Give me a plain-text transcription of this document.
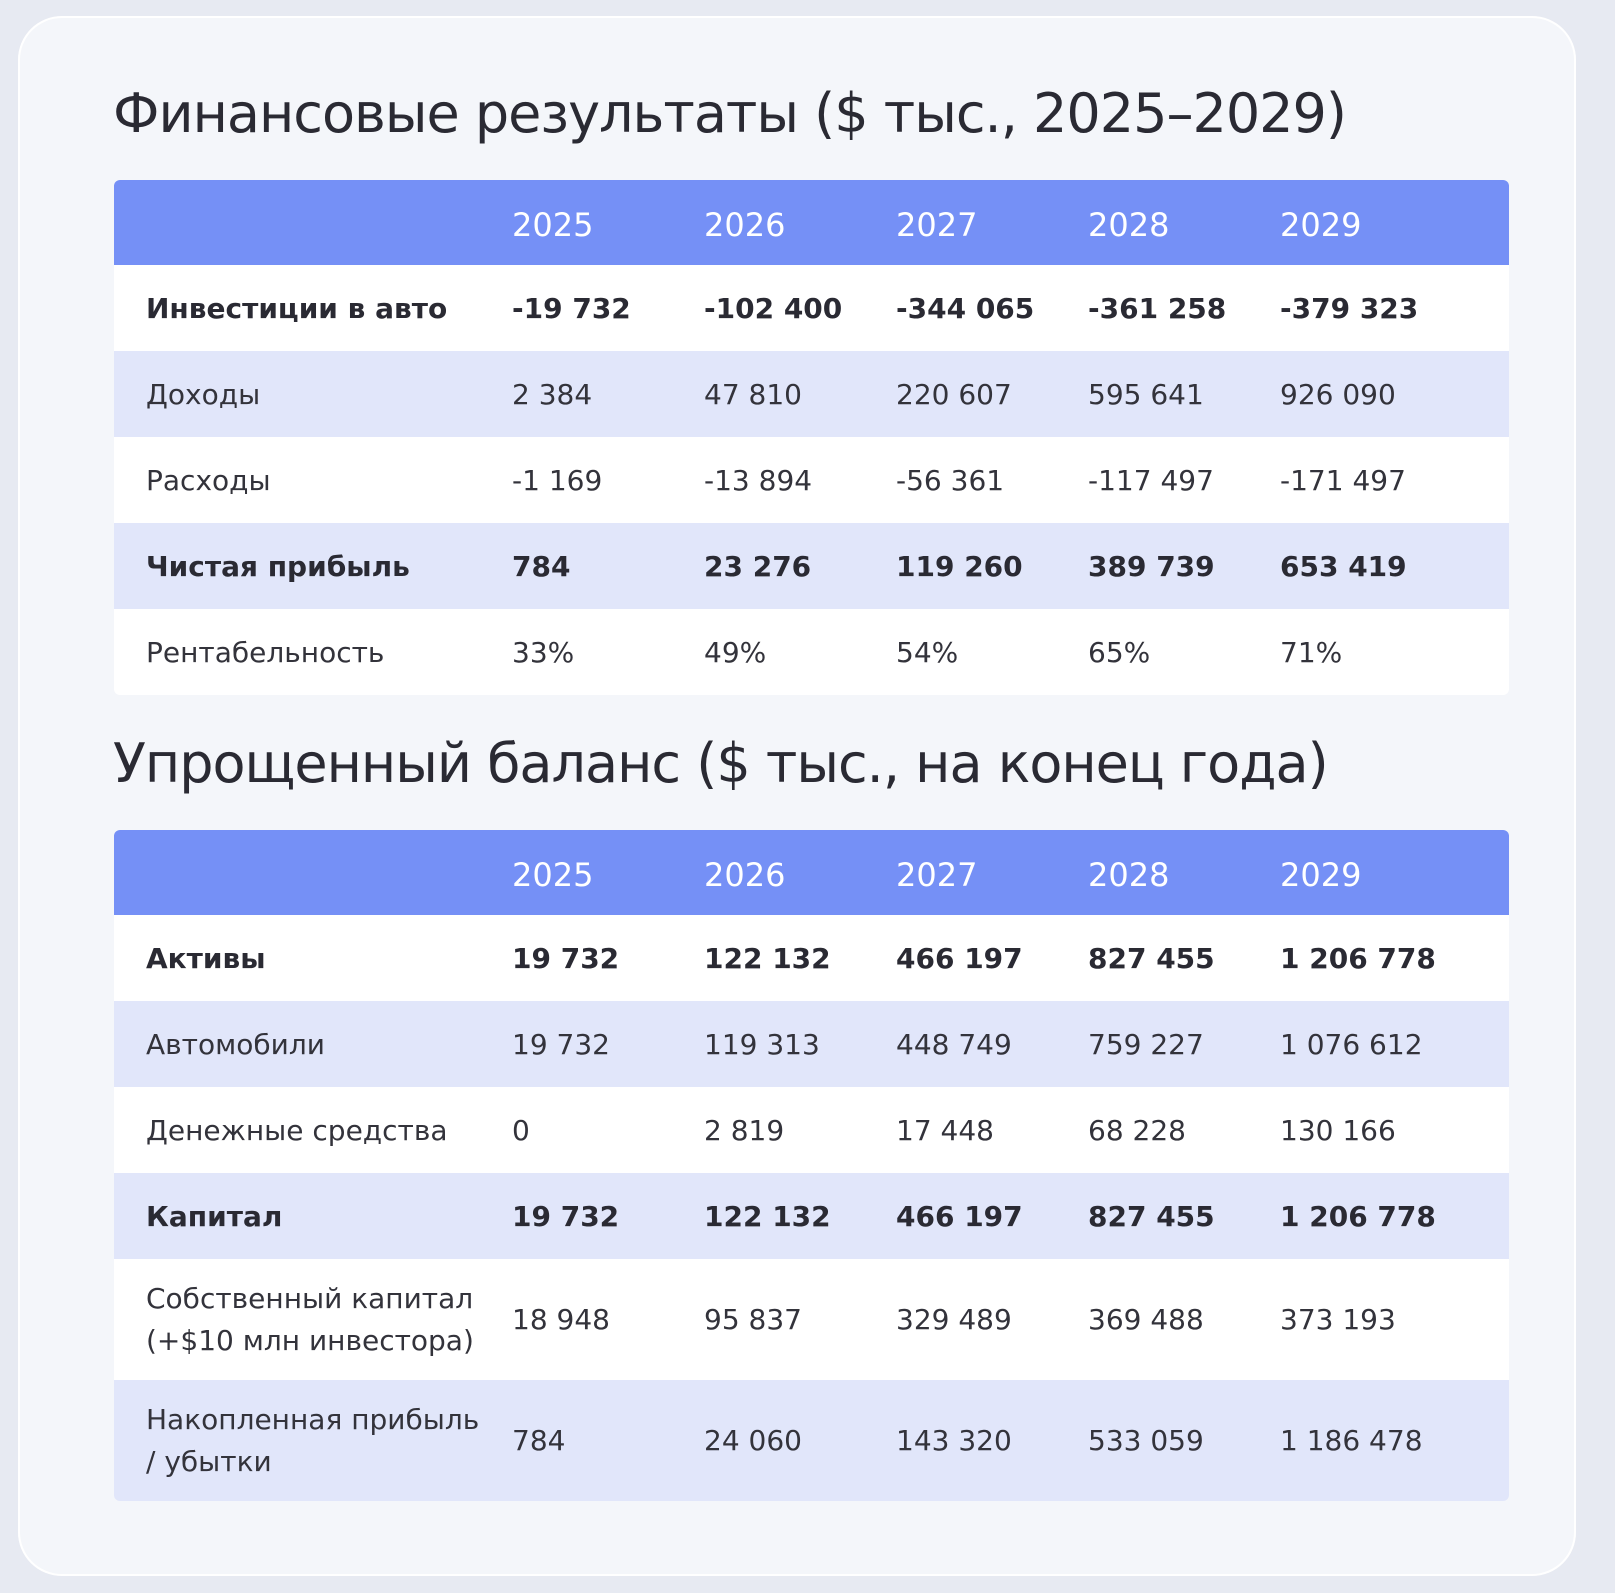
Финансовые результаты ($ тыс., 2025–2029)
	2025	2026	2027	2028	2029
Инвестиции в авто	-19 732	-102 400	-344 065	-361 258	-379 323
Доходы	2 384	47 810	220 607	595 641	926 090
Расходы	-1 169	-13 894	-56 361	-117 497	-171 497
Чистая прибыль	784	23 276	119 260	389 739	653 419
Рентабельность	33%	49%	54%	65%	71%
Упрощенный баланс ($ тыс., на конец года)
	2025	2026	2027	2028	2029
Активы	19 732	122 132	466 197	827 455	1 206 778
Автомобили	19 732	119 313	448 749	759 227	1 076 612
Денежные средства	0	2 819	17 448	68 228	130 166
Капитал	19 732	122 132	466 197	827 455	1 206 778
Собственный капитал (+$10 млн инвестора)	18 948	95 837	329 489	369 488	373 193
Накопленная прибыль / убытки	784	24 060	143 320	533 059	1 186 478
